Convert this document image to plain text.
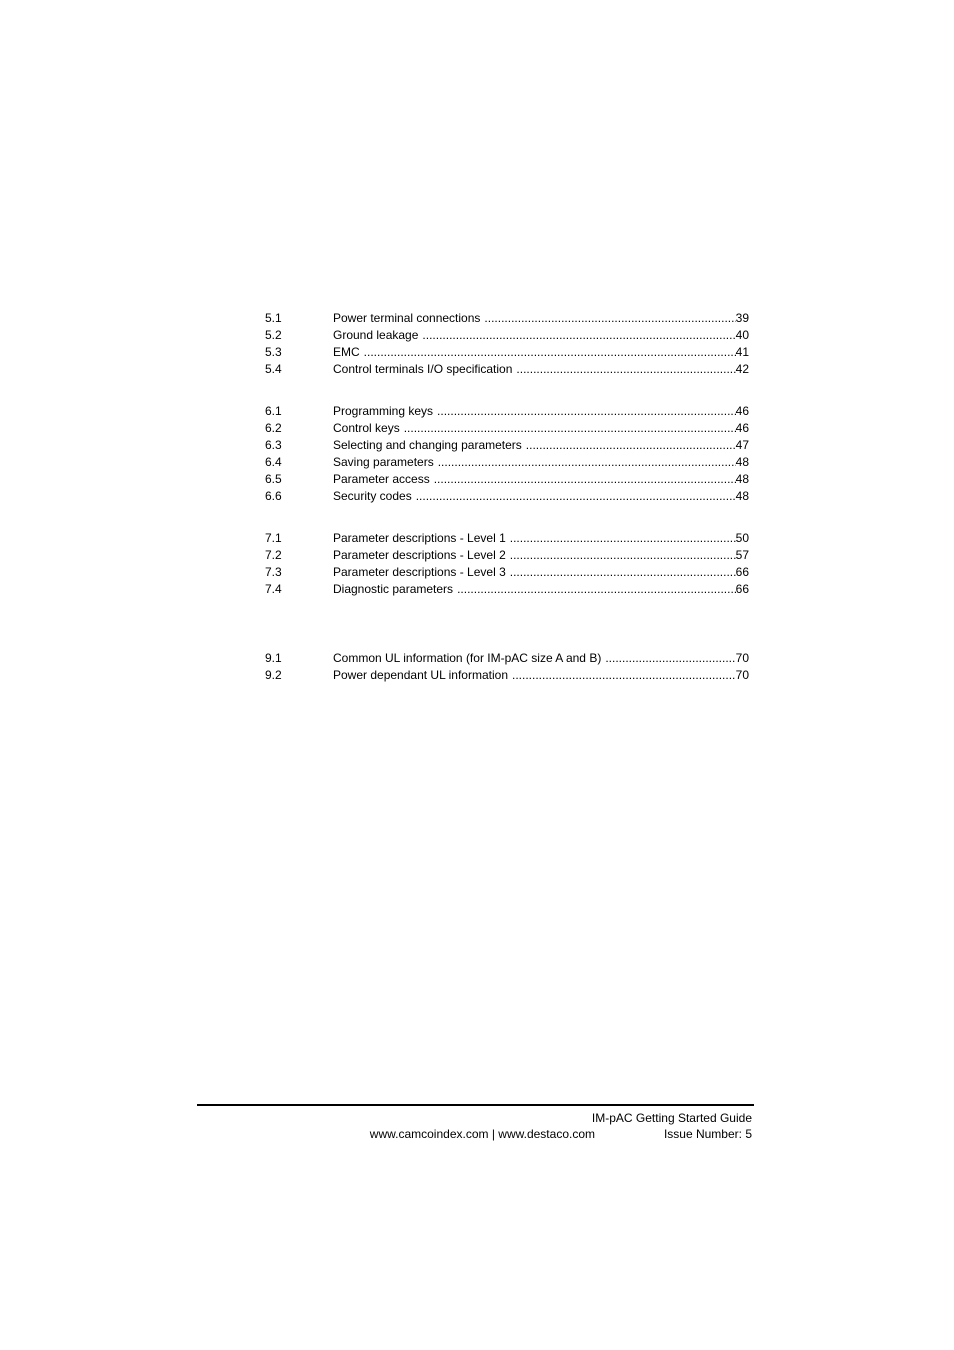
5.1	Power terminal connections .....	39
5.2	Ground leakage .....	40
5.3	EMC .....	41
5.4	Control terminals I/O specification .....	42
6.1	Programming keys .....	46
6.2	Control keys .....	46
6.3	Selecting and changing parameters .....	47
6.4	Saving parameters .....	48
6.5	Parameter access .....	48
6.6	Security codes .....	48
7.1	Parameter descriptions - Level 1 .....	50
7.2	Parameter descriptions - Level 2 .....	57
7.3	Parameter descriptions - Level 3 .....	66
7.4	Diagnostic parameters .....	66
9.1	Common UL information (for IM-pAC size A and B) .....	70
9.2	Power dependant UL information .....	70
IM-pAC Getting Started Guide
www.camcoindex.com | www.destaco.com	Issue Number: 5
